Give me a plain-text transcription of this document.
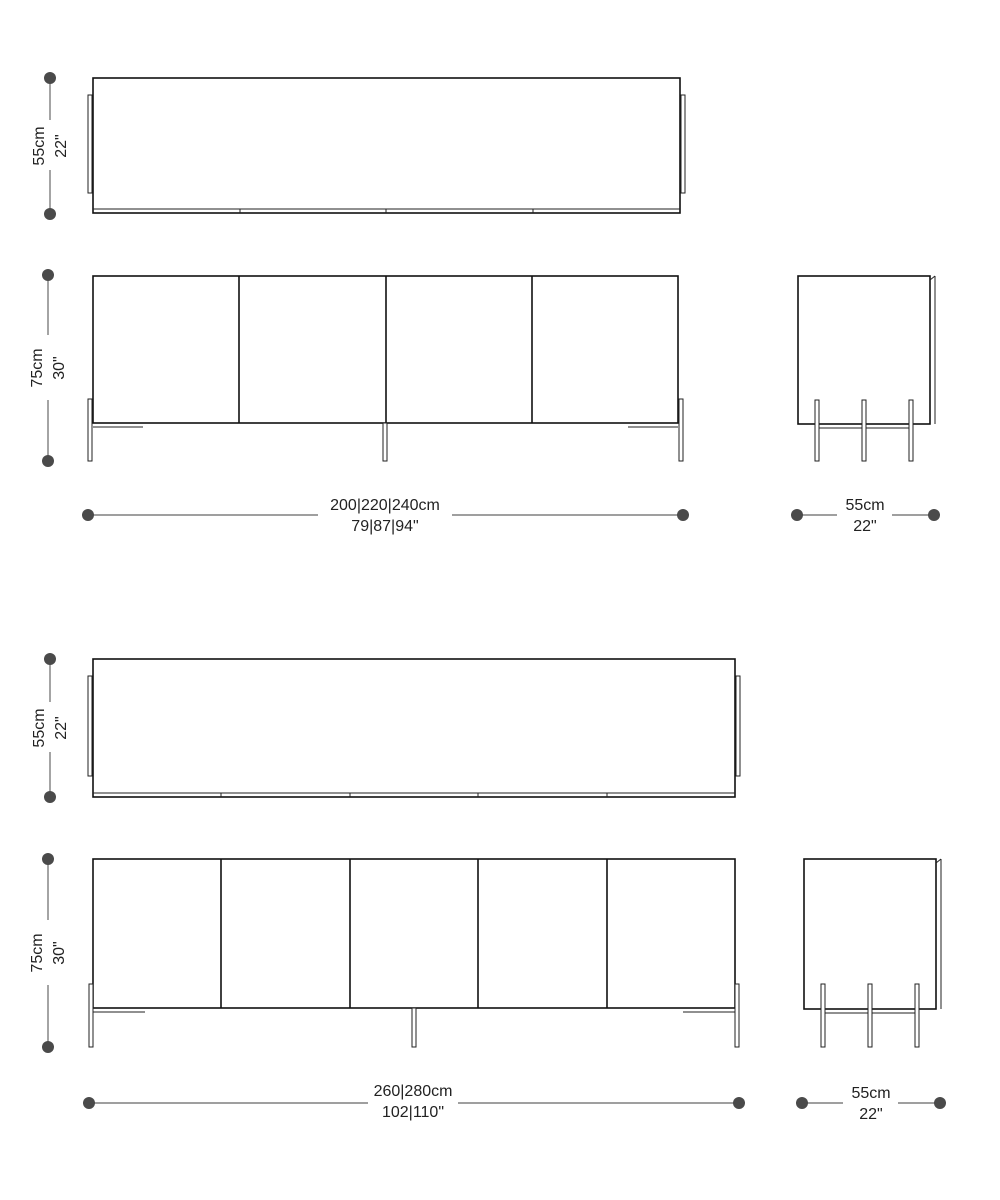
55cm 22"
75cm 30"
200|220|240cm
79|87|94"
55cm
22"
55cm 22"
75cm 30"
260|280cm
102|110"
55cm
22"
